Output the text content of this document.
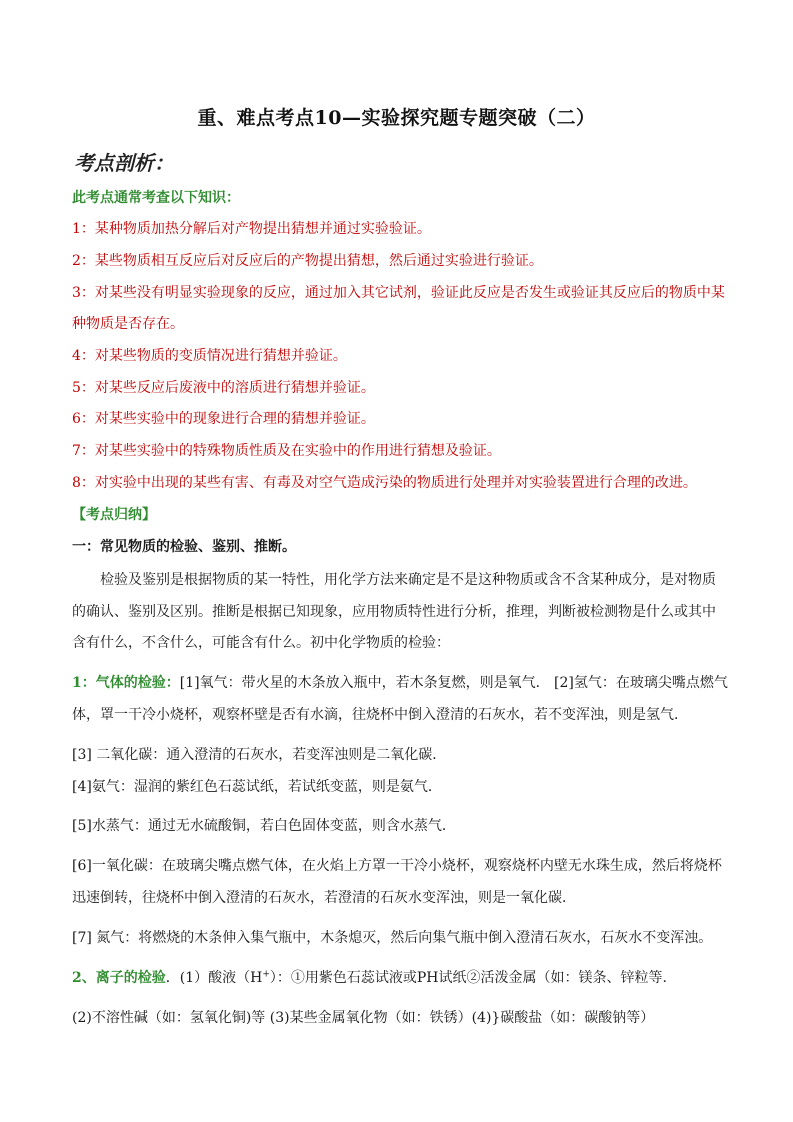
重、难点考点10—实验探究题专题突破（二）
考点剖析：
此考点通常考查以下知识：
1：某种物质加热分解后对产物提出猜想并通过实验验证。
2：某些物质相互反应后对反应后的产物提出猜想，然后通过实验进行验证。
3：对某些没有明显实验现象的反应，通过加入其它试剂，验证此反应是否发生或验证其反应后的物质中某
种物质是否存在。
4：对某些物质的变质情况进行猜想并验证。
5：对某些反应后废液中的溶质进行猜想并验证。
6：对某些实验中的现象进行合理的猜想并验证。
7：对某些实验中的特殊物质性质及在实验中的作用进行猜想及验证。
8：对实验中出现的某些有害、有毒及对空气造成污染的物质进行处理并对实验装置进行合理的改进。
【考点归纳】
一：常见物质的检验、鉴别、推断。
检验及鉴别是根据物质的某一特性，用化学方法来确定是不是这种物质或含不含某种成分，是对物质
的确认、鉴别及区别。推断是根据已知现象，应用物质特性进行分析，推理，判断被检测物是什么或其中
含有什么，不含什么，可能含有什么。初中化学物质的检验：
1：气体的检验：[1]氧气：带火星的木条放入瓶中，若木条复燃，则是氧气． [2]氢气：在玻璃尖嘴点燃气
体，罩一干冷小烧杯，观察杯壁是否有水滴，往烧杯中倒入澄清的石灰水，若不变浑浊，则是氢气．
[3] 二氧化碳：通入澄清的石灰水，若变浑浊则是二氧化碳．
[4]氨气：湿润的紫红色石蕊试纸，若试纸变蓝，则是氨气．
[5]水蒸气：通过无水硫酸铜，若白色固体变蓝，则含水蒸气．
[6]一氧化碳：在玻璃尖嘴点燃气体，在火焰上方罩一干冷小烧杯，观察烧杯内壁无水珠生成，然后将烧杯
迅速倒转，往烧杯中倒入澄清的石灰水，若澄清的石灰水变浑浊，则是一氧化碳．
[7] 氮气：将燃烧的木条伸入集气瓶中，木条熄灭，然后向集气瓶中倒入澄清石灰水，石灰水不变浑浊。
2、离子的检验．(1）酸液（H+）：①用紫色石蕊试液或PH试纸②活泼金属（如：镁条、锌粒等.
(2)不溶性碱（如：氢氧化铜)等 (3)某些金属氧化物（如：铁锈）(4)}碳酸盐（如：碳酸钠等）
